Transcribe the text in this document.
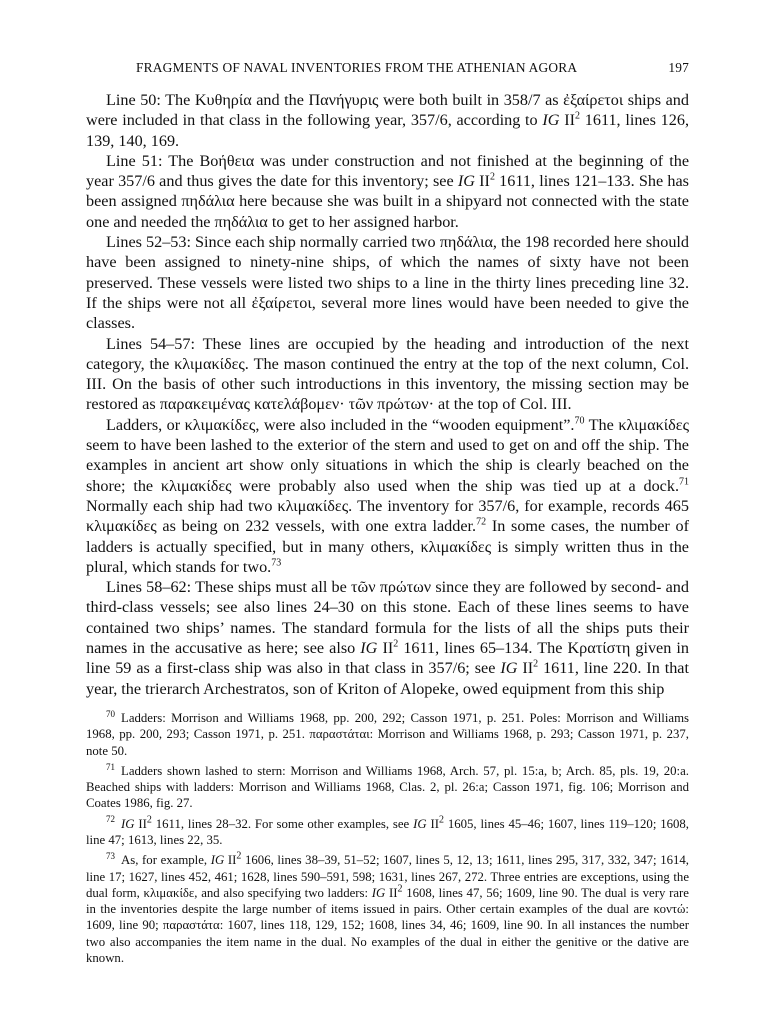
FRAGMENTS OF NAVAL INVENTORIES FROM THE ATHENIAN AGORA	197

Line 50: The Κυθηρία and the Πανήγυρις were both built in 358/7 as ἐξαίρετοι ships and were included in that class in the following year, 357/6, according to IG $II^2$ 1611, lines 126, 139, 140, 169.

Line 51: The Βοήθεια was under construction and not finished at the beginning of the year 357/6 and thus gives the date for this inventory; see IG $II^2$ 1611, lines 121–133. She has been assigned πηδάλια here because she was built in a shipyard not connected with the state one and needed the πηδάλια to get to her assigned harbor.

Lines 52–53: Since each ship normally carried two πηδάλια, the 198 recorded here should have been assigned to ninety-nine ships, of which the names of sixty have not been preserved. These vessels were listed two ships to a line in the thirty lines preceding line 32. If the ships were not all ἐξαίρετοι, several more lines would have been needed to give the classes.

Lines 54–57: These lines are occupied by the heading and introduction of the next category, the κλιμακίδες. The mason continued the entry at the top of the next column, Col. III. On the basis of other such introductions in this inventory, the missing section may be restored as παρακειμένας κατελάβομεν· τῶν πρώτων· at the top of Col. III.

Ladders, or κλιμακίδες, were also included in the “wooden equipment”.$^{70}$ The κλιμακίδες seem to have been lashed to the exterior of the stern and used to get on and off the ship. The examples in ancient art show only situations in which the ship is clearly beached on the shore; the κλιμακίδες were probably also used when the ship was tied up at a dock.$^{71}$ Normally each ship had two κλιμακίδες. The inventory for 357/6, for example, records 465 κλιμακίδες as being on 232 vessels, with one extra ladder.$^{72}$ In some cases, the number of ladders is actually specified, but in many others, κλιμακίδες is simply written thus in the plural, which stands for two.$^{73}$

Lines 58–62: These ships must all be τῶν πρώτων since they are followed by second- and third-class vessels; see also lines 24–30 on this stone. Each of these lines seems to have contained two ships’ names. The standard formula for the lists of all the ships puts their names in the accusative as here; see also IG $II^2$ 1611, lines 65–134. The Κρατίστη given in line 59 as a first-class ship was also in that class in 357/6; see IG $II^2$ 1611, line 220. In that year, the trierarch Archestratos, son of Kriton of Alopeke, owed equipment from this ship

$^{70}$ Ladders: Morrison and Williams 1968, pp. 200, 292; Casson 1971, p. 251. Poles: Morrison and Williams 1968, pp. 200, 293; Casson 1971, p. 251. παραστάται: Morrison and Williams 1968, p. 293; Casson 1971, p. 237, note 50.

$^{71}$ Ladders shown lashed to stern: Morrison and Williams 1968, Arch. 57, pl. 15:a, b; Arch. 85, pls. 19, 20:a. Beached ships with ladders: Morrison and Williams 1968, Clas. 2, pl. 26:a; Casson 1971, fig. 106; Morrison and Coates 1986, fig. 27.

$^{72}$ IG $II^2$ 1611, lines 28–32. For some other examples, see IG $II^2$ 1605, lines 45–46; 1607, lines 119–120; 1608, line 47; 1613, lines 22, 35.

$^{73}$ As, for example, IG $II^2$ 1606, lines 38–39, 51–52; 1607, lines 5, 12, 13; 1611, lines 295, 317, 332, 347; 1614, line 17; 1627, lines 452, 461; 1628, lines 590–591, 598; 1631, lines 267, 272. Three entries are exceptions, using the dual form, κλιμακίδε, and also specifying two ladders: IG $II^2$ 1608, lines 47, 56; 1609, line 90. The dual is very rare in the inventories despite the large number of items issued in pairs. Other certain examples of the dual are κοντώ: 1609, line 90; παραστάτα: 1607, lines 118, 129, 152; 1608, lines 34, 46; 1609, line 90. In all instances the number two also accompanies the item name in the dual. No examples of the dual in either the genitive or the dative are known.
